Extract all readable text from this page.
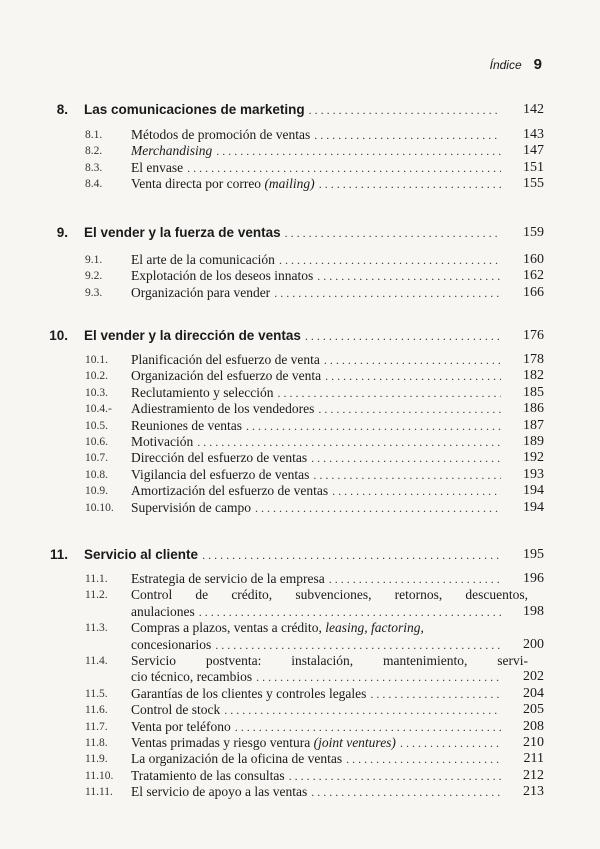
Índice 9
8. Las comunicaciones de marketing . . .	142
8.1. Métodos de promoción de ventas . . .	143
8.2. Merchandising . . .	147
8.3. El envase . . .	151
8.4. Venta directa por correo
(mailing) . . .	155
9. El vender y la fuerza de ventas . . .	159
9.1. El arte de la comunicación . . .	160
9.2. Explotación de los deseos innatos . . .	162
9.3. Organización para vender . . .	166
10. El vender y la dirección de ventas . . .	176
10.1. Planificación del esfuerzo de venta . . .	178
10.2. Organización del esfuerzo de venta . . .	182
10.3. Reclutamiento y selección . . .	185
10.4.- Adiestramiento de los vendedores . . .	186
10.5. Reuniones de ventas . . .	187
10.6. Motivación . . .	189
10.7. Dirección del esfuerzo de ventas . . .	192
10.8. Vigilancia del esfuerzo de ventas . . .	193
10.9. Amortización del esfuerzo de ventas . . .	194
10.10. Supervisión de campo . . .	194
11. Servicio al cliente . . .	195
11.1. Estrategia de servicio de la empresa . . .	196
11.2. Control de crédito, subvenciones, retornos, descuentos,
anulaciones . . .	198
11.3. Compras a plazos, ventas a crédito, leasing, factoring,
concesionarios . . .	200
11.4. Servicio postventa: instalación, mantenimiento, servi-
cio técnico, recambios . . .	202
11.5. Garantías de los clientes y controles legales . . .	204
11.6. Control de stock . . .	205
11.7. Venta por teléfono . . .	208
11.8. Ventas primadas y riesgo ventura
(joint ventures) . . .	210
11.9. La organización de la oficina de ventas . . .	211
11.10. Tratamiento de las consultas . . .	212
11.11. El servicio de apoyo a las ventas . . .	213
